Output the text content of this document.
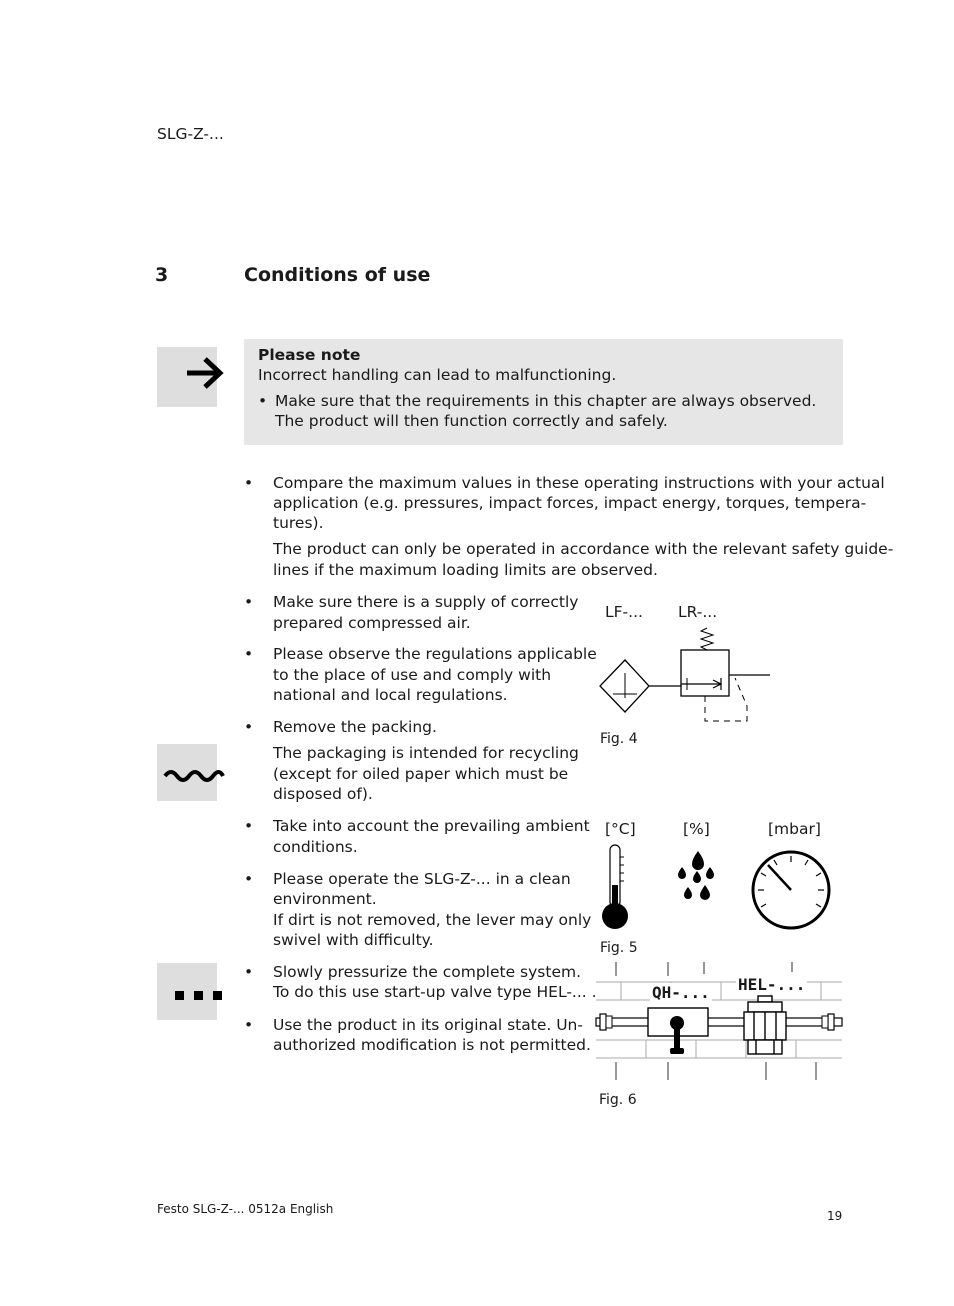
SLG-Z-...
3	Conditions of use
Please note
Incorrect handling can lead to malfunctioning.
• Make sure that the requirements in this chapter are always observed.
The product will then function correctly and safely.
• Compare the maximum values in these operating instructions with your actual
application (e.g. pressures, impact forces, impact energy, torques, tempera-
tures).
The product can only be operated in accordance with the relevant safety guide-
lines if the maximum loading limits are observed.
• Make sure there is a supply of correctly
prepared compressed air.
• Please observe the regulations applicable
to the place of use and comply with
national and local regulations.
• Remove the packing.
The packaging is intended for recycling
(except for oiled paper which must be
disposed of).
• Take into account the prevailing ambient
conditions.
• Please operate the SLG-Z-... in a clean
environment.
If dirt is not removed, the lever may only
swivel with difficulty.
• Slowly pressurize the complete system.
To do this use start-up valve type HEL-... .
• Use the product in its original state. Un-
authorized modification is not permitted.
LF-... LR-...
Fig. 4
[°C]	[%]	[mbar]
Fig. 5
QH-... HEL-...
Fig. 6
Festo SLG-Z-... 0512a English	19
